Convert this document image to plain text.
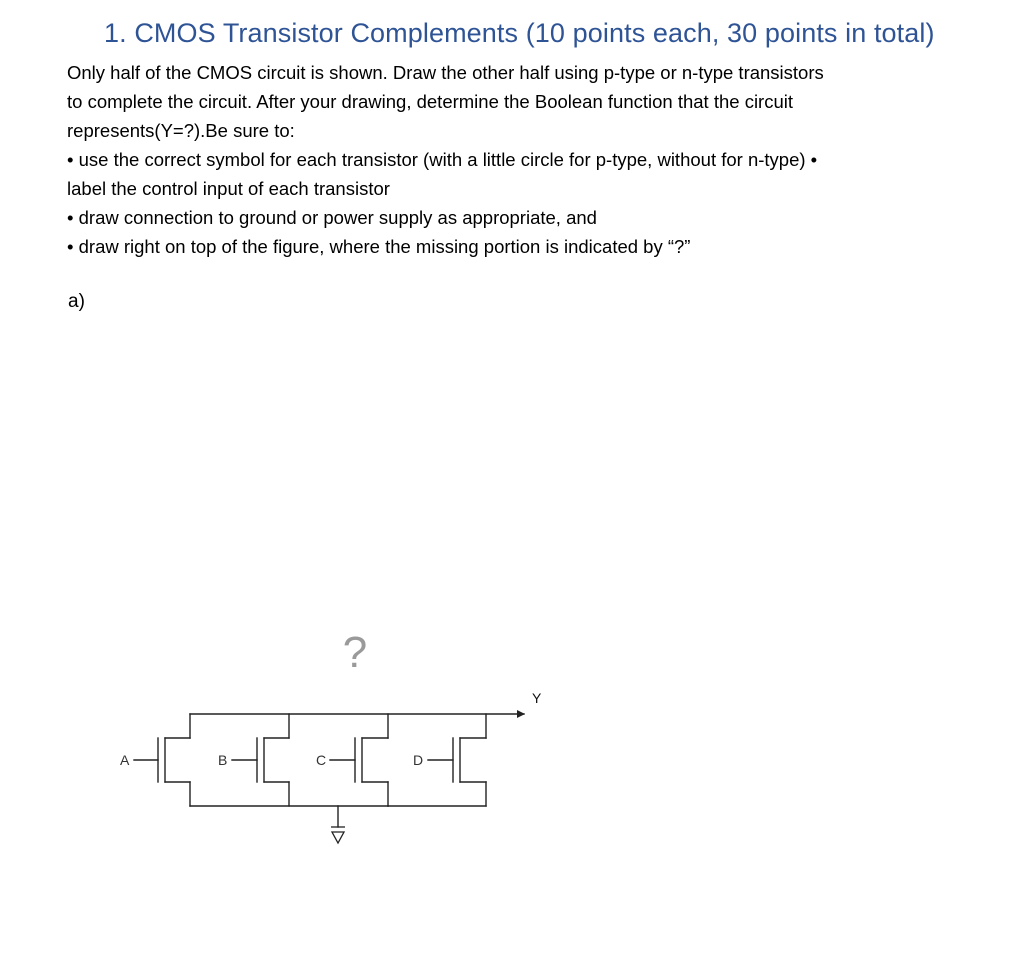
1. CMOS Transistor Complements (10 points each, 30 points in total)
Only half of the CMOS circuit is shown. Draw the other half using p-type or n-type transistors
to complete the circuit. After your drawing, determine the Boolean function that the circuit
represents(Y=?).Be sure to:
• use the correct symbol for each transistor (with a little circle for p-type, without for n-type) •
label the control input of each transistor
• draw connection to ground or power supply as appropriate, and
• draw right on top of the figure, where the missing portion is indicated by “?”
a)
?
Y
A	B	C	D
